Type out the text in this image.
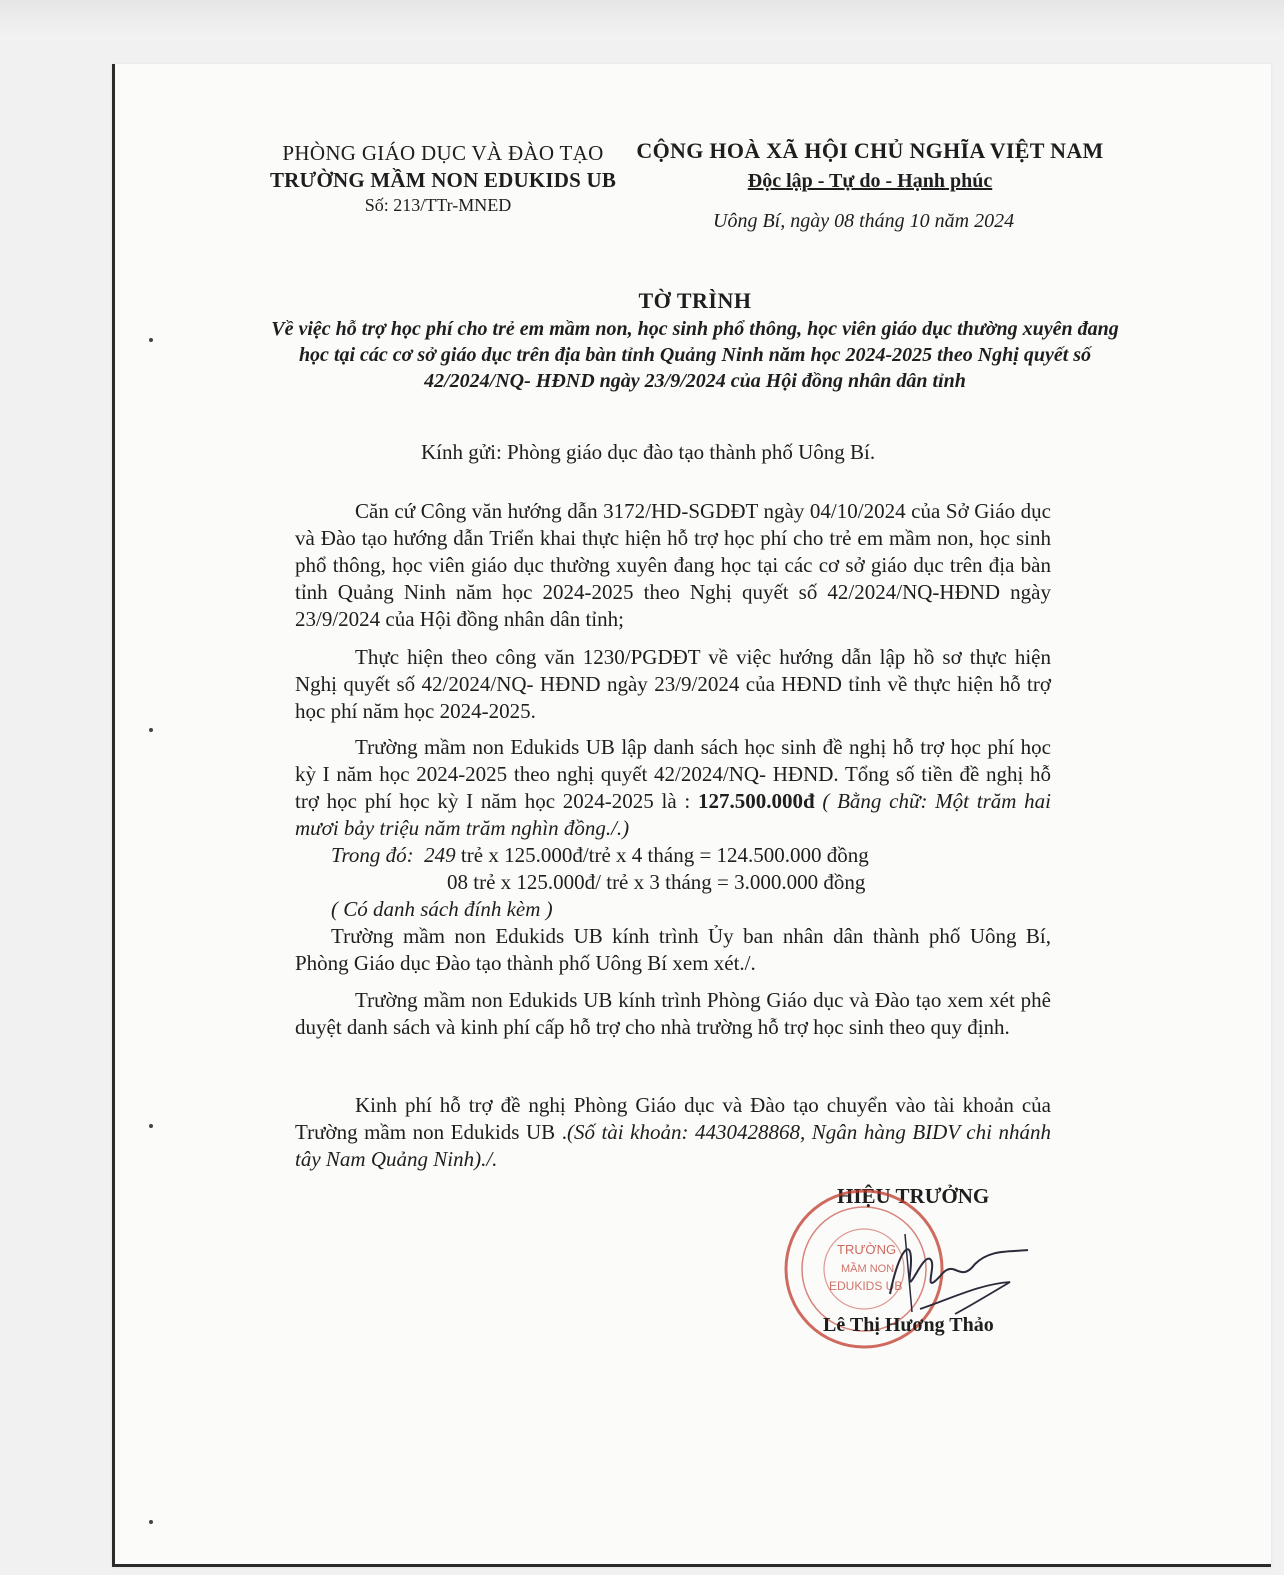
PHÒNG GIÁO DỤC VÀ ĐÀO TẠO
TRƯỜNG MẦM NON EDUKIDS UB
Số: 213/TTr-MNED
CỘNG HOÀ XÃ HỘI CHỦ NGHĨA VIỆT NAM
Độc lập - Tự do - Hạnh phúc
Uông Bí, ngày 08 tháng 10 năm 2024
TỜ TRÌNH
Về việc hỗ trợ học phí cho trẻ em mầm non, học sinh phổ thông, học viên giáo dục thường xuyên đang học tại các cơ sở giáo dục trên địa bàn tỉnh Quảng Ninh năm học 2024-2025 theo Nghị quyết số 42/2024/NQ- HĐND ngày 23/9/2024 của Hội đồng nhân dân tỉnh
Kính gửi: Phòng giáo dục đào tạo thành phố Uông Bí.
Căn cứ Công văn hướng dẫn 3172/HD-SGDĐT ngày 04/10/2024 của Sở Giáo dục và Đào tạo hướng dẫn Triển khai thực hiện hỗ trợ học phí cho trẻ em mầm non, học sinh phổ thông, học viên giáo dục thường xuyên đang học tại các cơ sở giáo dục trên địa bàn tỉnh Quảng Ninh năm học 2024-2025 theo Nghị quyết số 42/2024/NQ-HĐND ngày 23/9/2024 của Hội đồng nhân dân tỉnh;
Thực hiện theo công văn 1230/PGDĐT về việc hướng dẫn lập hồ sơ thực hiện Nghị quyết số 42/2024/NQ- HĐND ngày 23/9/2024 của HĐND tỉnh về thực hiện hỗ trợ học phí năm học 2024-2025.
Trường mầm non Edukids UB lập danh sách học sinh đề nghị hỗ trợ học phí học kỳ I năm học 2024-2025 theo nghị quyết 42/2024/NQ- HĐND. Tổng số tiền đề nghị hỗ trợ học phí học kỳ I năm học 2024-2025 là : 127.500.000đ ( Bằng chữ: Một trăm hai mươi bảy triệu năm trăm nghìn đồng./.)
Trong đó: 249 trẻ x 125.000đ/trẻ x 4 tháng = 124.500.000 đồng
08 trẻ x 125.000đ/ trẻ x 3 tháng = 3.000.000 đồng
( Có danh sách đính kèm )
Trường mầm non Edukids UB kính trình Ủy ban nhân dân thành phố Uông Bí, Phòng Giáo dục Đào tạo thành phố Uông Bí xem xét./.
Trường mầm non Edukids UB kính trình Phòng Giáo dục và Đào tạo xem xét phê duyệt danh sách và kinh phí cấp hỗ trợ cho nhà trường hỗ trợ học sinh theo quy định.
Kinh phí hỗ trợ đề nghị Phòng Giáo dục và Đào tạo chuyển vào tài khoản của Trường mầm non Edukids UB .(Số tài khoản: 4430428868, Ngân hàng BIDV chi nhánh tây Nam Quảng Ninh)./.
HIỆU TRƯỞNG
TRƯỜNG
MẦM NON
EDUKIDS UB
Lê Thị Hương Thảo
